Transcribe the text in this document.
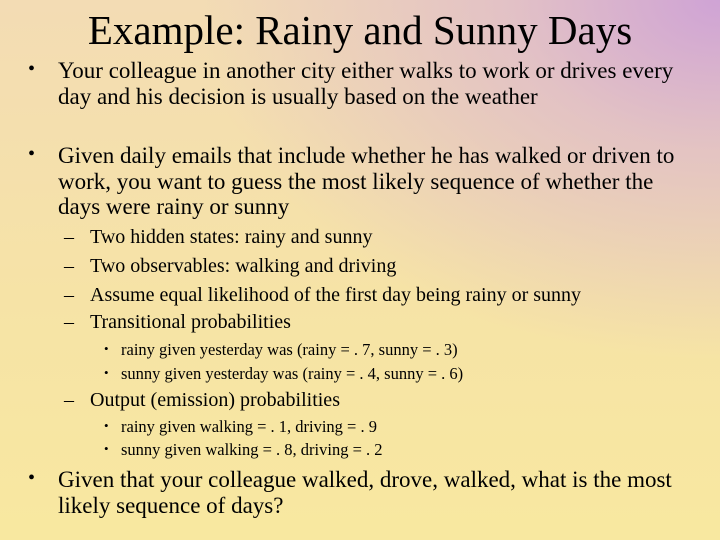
Example: Rainy and Sunny Days
• Your colleague in another city either walks to work or drives every day and his decision is usually based on the weather
• Given daily emails that include whether he has walked or driven to work, you want to guess the most likely sequence of whether the days were rainy or sunny
– Two hidden states: rainy and sunny
– Two observables: walking and driving
– Assume equal likelihood of the first day being rainy or sunny
– Transitional probabilities
• rainy given yesterday was (rainy = . 7, sunny = . 3)
• sunny given yesterday was (rainy = . 4, sunny = . 6)
– Output (emission) probabilities
• rainy given walking = . 1, driving = . 9
• sunny given walking = . 8, driving = . 2
• Given that your colleague walked, drove, walked, what is the most likely sequence of days?
